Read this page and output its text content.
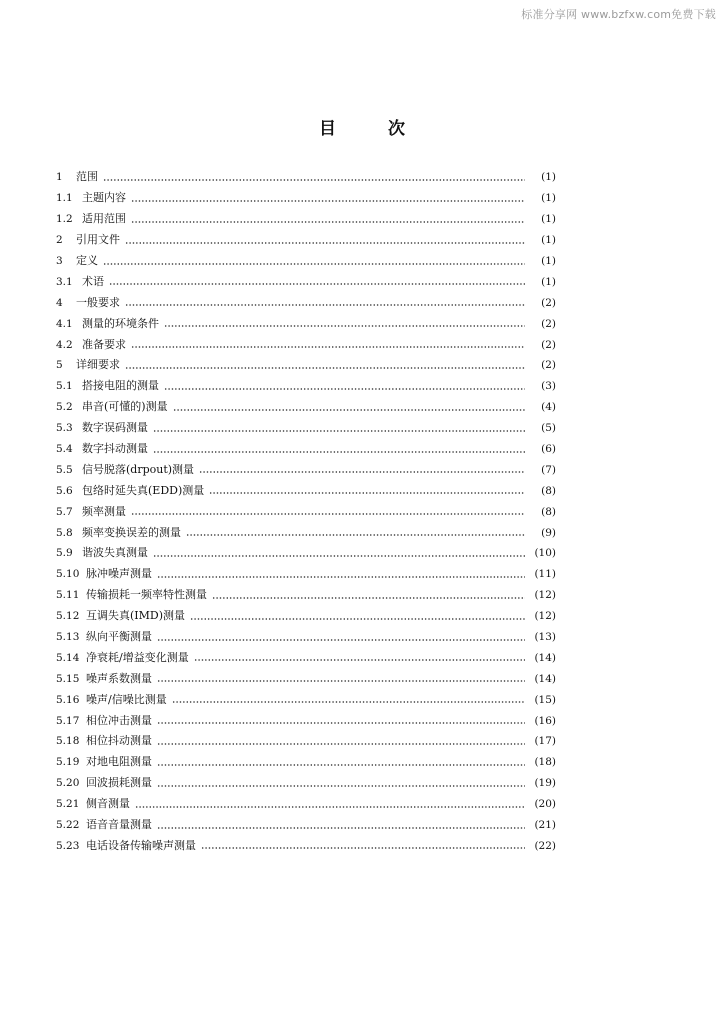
标准分享网 www.bzfxw.com免费下载
目次
1	范围	(1)
1.1 主题内容	(1)
1.2 适用范围	(1)
2	引用文件	(1)
3	定义	(1)
3.1 术语	(1)
4	一般要求	(2)
4.1 测量的环境条件	(2)
4.2 准备要求	(2)
5	详细要求	(2)
5.1 搭接电阻的测量	(3)
5.2 串音(可懂的)测量	(4)
5.3 数字误码测量	(5)
5.4 数字抖动测量	(6)
5.5 信号脱落(drpout)测量	(7)
5.6 包络时延失真(EDD)测量	(8)
5.7 频率测量	(8)
5.8 频率变换误差的测量	(9)
5.9 谐波失真测量	(10)
5.10 脉冲噪声测量	(11)
5.11 传输损耗一频率特性测量	(12)
5.12 互调失真(IMD)测量	(12)
5.13 纵向平衡测量	(13)
5.14 净衰耗/增益变化测量	(14)
5.15 噪声系数测量	(14)
5.16 噪声/信噪比测量	(15)
5.17 相位冲击测量	(16)
5.18 相位抖动测量	(17)
5.19 对地电阻测量	(18)
5.20 回波损耗测量	(19)
5.21 侧音测量	(20)
5.22 语音音量测量	(21)
5.23 电话设备传输噪声测量	(22)
